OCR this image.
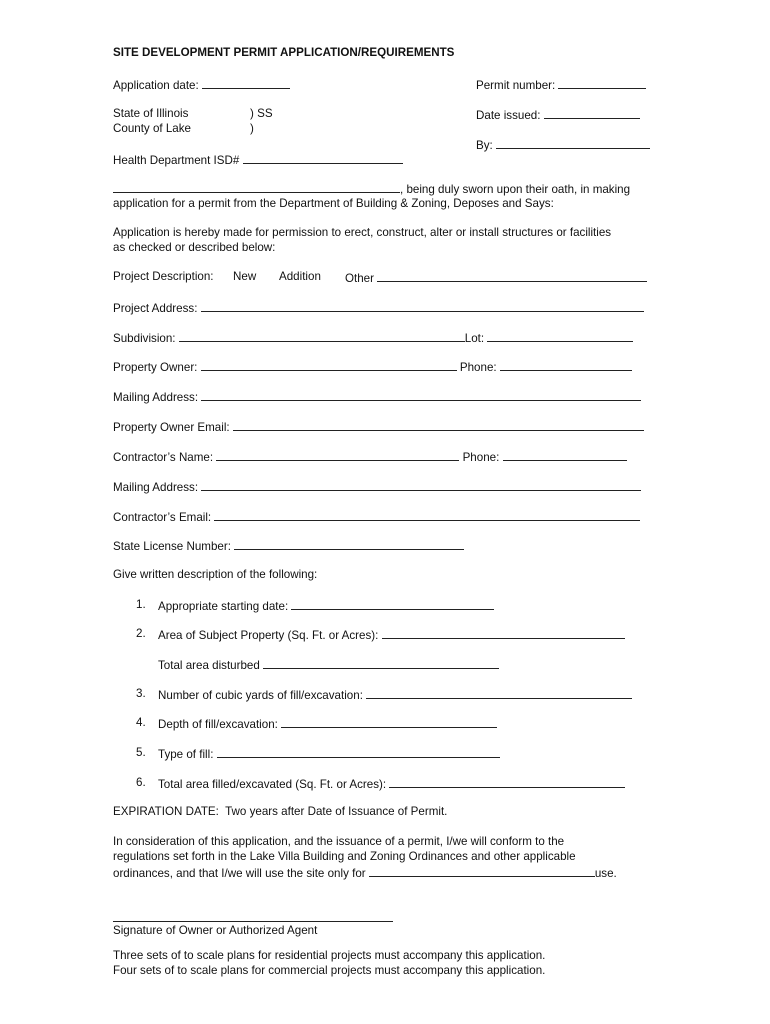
SITE DEVELOPMENT PERMIT APPLICATION/REQUIREMENTS
Application date:	Permit number:
State of Illinois	) SS
County of Lake	)
Date issued:
By:
Health Department ISD#
, being duly sworn upon their oath, in making
application for a permit from the Department of Building & Zoning, Deposes and Says:
Application is hereby made for permission to erect, construct, alter or install structures or facilities
as checked or described below:
Project Description: New Addition Other
Project Address:
Subdivision:	Lot:
Property Owner:	Phone:
Mailing Address:
Property Owner Email:
Contractor’s Name:	Phone:
Mailing Address:
Contractor’s Email:
State License Number:
Give written description of the following:
1. Appropriate starting date:
2. Area of Subject Property (Sq. Ft. or Acres):
Total area disturbed
3. Number of cubic yards of fill/excavation:
4. Depth of fill/excavation:
5. Type of fill:
6. Total area filled/excavated (Sq. Ft. or Acres):
EXPIRATION DATE:  Two years after Date of Issuance of Permit.
In consideration of this application, and the issuance of a permit, I/we will conform to the
regulations set forth in the Lake Villa Building and Zoning Ordinances and other applicable
ordinances, and that I/we will use the site only for	use.
Signature of Owner or Authorized Agent
Three sets of to scale plans for residential projects must accompany this application.
Four sets of to scale plans for commercial projects must accompany this application.
